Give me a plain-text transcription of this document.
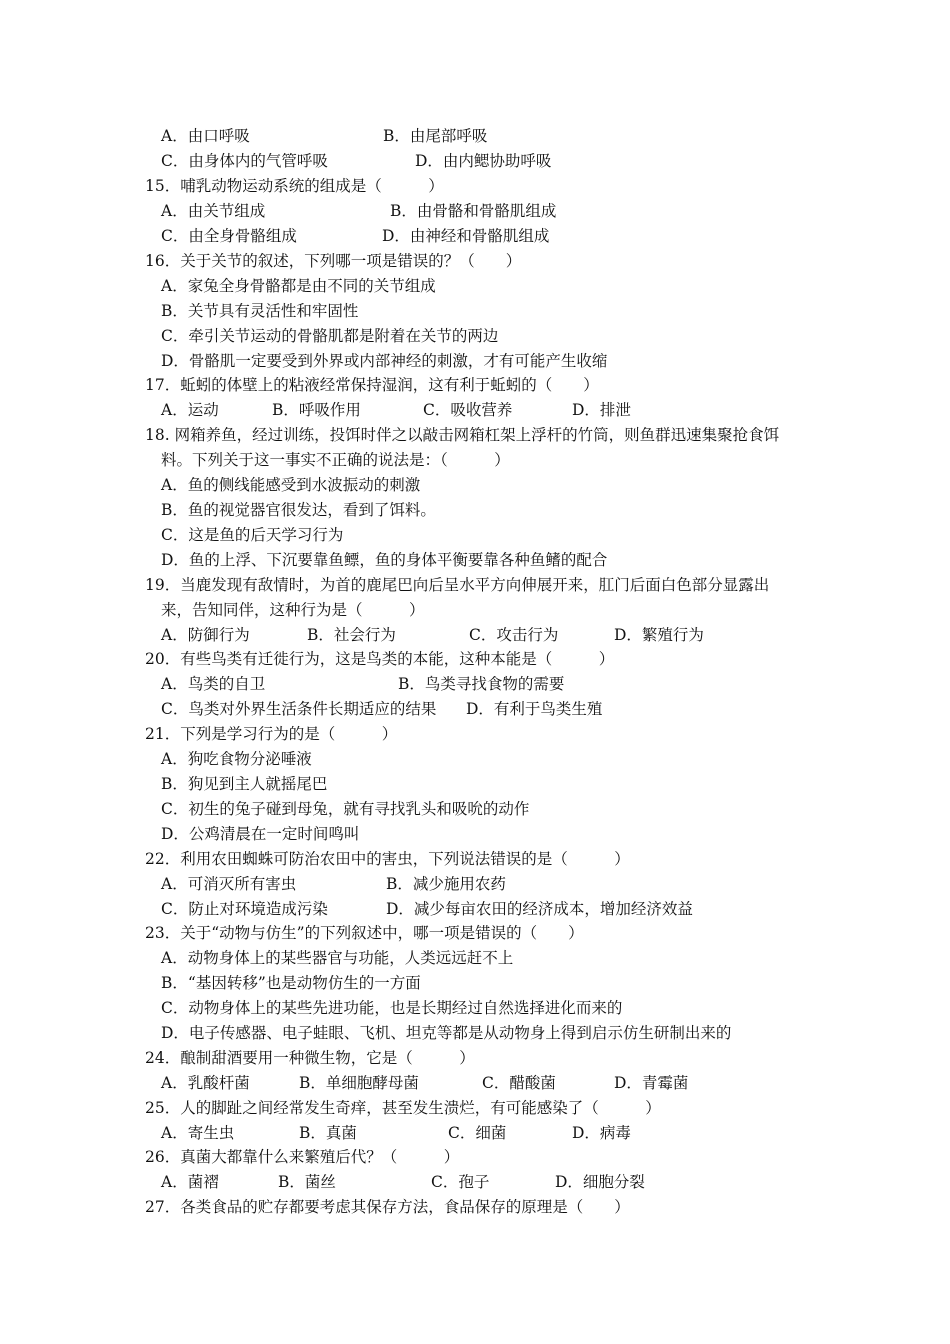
A．由口呼吸	B．由尾部呼吸
C．由身体内的气管呼吸	D．由内鳃协助呼吸
15．哺乳动物运动系统的组成是（　　　）
A．由关节组成	B．由骨骼和骨骼肌组成
C．由全身骨骼组成	D．由神经和骨骼肌组成
16．关于关节的叙述，下列哪一项是错误的？（　　）
A．家兔全身骨骼都是由不同的关节组成
B．关节具有灵活性和牢固性
C．牵引关节运动的骨骼肌都是附着在关节的两边
D．骨骼肌一定要受到外界或内部神经的刺激，才有可能产生收缩
17．蚯蚓的体壁上的粘液经常保持湿润，这有利于蚯蚓的（　　）
A．运动	B．呼吸作用	C．吸收营养	D．排泄
18. 网箱养鱼，经过训练，投饵时伴之以敲击网箱杠架上浮杆的竹筒，则鱼群迅速集聚抢食饵
料。下列关于这一事实不正确的说法是：（　　　）
A．鱼的侧线能感受到水波振动的刺激
B．鱼的视觉器官很发达，看到了饵料。
C．这是鱼的后天学习行为
D．鱼的上浮、下沉要靠鱼鳔，鱼的身体平衡要靠各种鱼鳍的配合
19．当鹿发现有敌情时，为首的鹿尾巴向后呈水平方向伸展开来，肛门后面白色部分显露出
来，告知同伴，这种行为是（　　　）
A．防御行为	B．社会行为	C．攻击行为	D．繁殖行为
20．有些鸟类有迁徙行为，这是鸟类的本能，这种本能是（　　　）
A．鸟类的自卫	B．鸟类寻找食物的需要
C．鸟类对外界生活条件长期适应的结果 D．有利于鸟类生殖
21．下列是学习行为的是（　　　）
A．狗吃食物分泌唾液
B．狗见到主人就摇尾巴
C．初生的兔子碰到母兔，就有寻找乳头和吸吮的动作
D．公鸡清晨在一定时间鸣叫
22．利用农田蜘蛛可防治农田中的害虫，下列说法错误的是（　　　）
A．可消灭所有害虫	B．减少施用农药
C．防止对环境造成污染	D．减少每亩农田的经济成本，增加经济效益
23．关于“动物与仿生”的下列叙述中，哪一项是错误的（　　）
A．动物身体上的某些器官与功能，人类远远赶不上
B．“基因转移”也是动物仿生的一方面
C．动物身体上的某些先进功能，也是长期经过自然选择进化而来的
D．电子传感器、电子蛙眼、飞机、坦克等都是从动物身上得到启示仿生研制出来的
24．酿制甜酒要用一种微生物，它是（　　　）
A．乳酸杆菌	B．单细胞酵母菌	C．醋酸菌	D．青霉菌
25．人的脚趾之间经常发生奇痒，甚至发生溃烂，有可能感染了（　　　）
A．寄生虫	B．真菌	C．细菌	D．病毒
26．真菌大都靠什么来繁殖后代？（　　　）
A．菌褶	B．菌丝	C．孢子	D．细胞分裂
27．各类食品的贮存都要考虑其保存方法，食品保存的原理是（　　）
